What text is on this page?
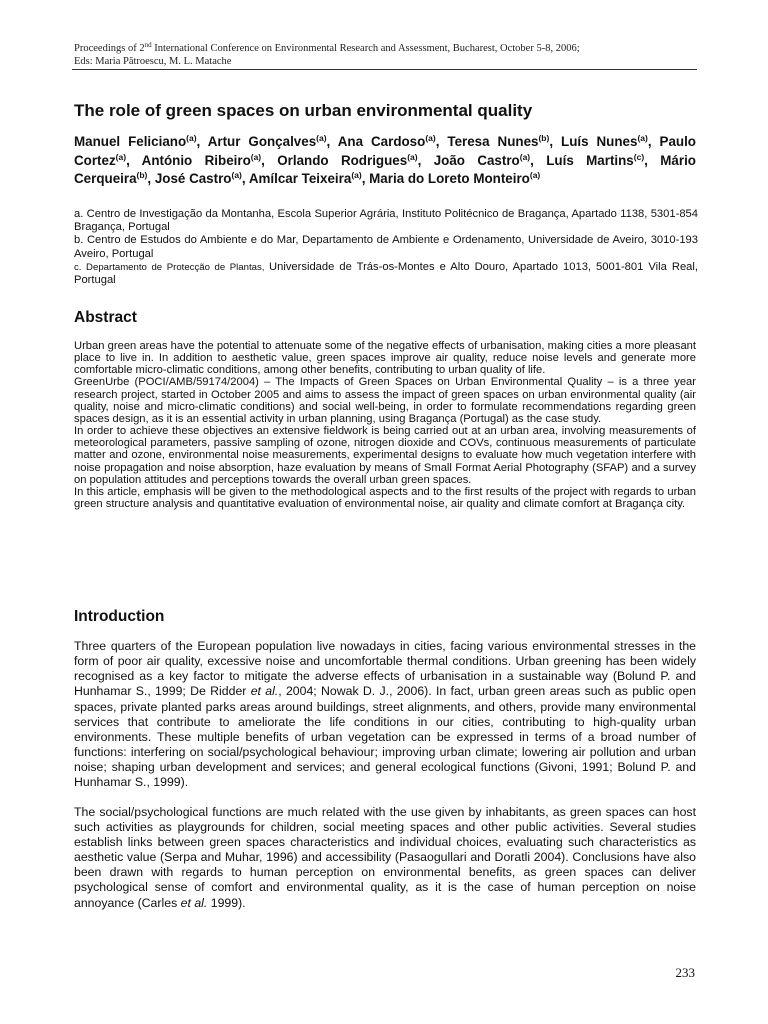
Proceedings of 2nd International Conference on Environmental Research and Assessment, Bucharest, October 5-8, 2006;
Eds: Maria Pătroescu, M. L. Matache
The role of green spaces on urban environmental quality

Manuel Feliciano$^{(a)}$, Artur Gonçalves$^{(a)}$, Ana Cardoso$^{(a)}$, Teresa Nunes$^{(b)}$, Luís Nunes$^{(a)}$, Paulo Cortez$^{(a)}$, António Ribeiro$^{(a)}$, Orlando Rodrigues$^{(a)}$, João Castro$^{(a)}$, Luís Martins$^{(c)}$, Mário Cerqueira$^{(b)}$, José Castro$^{(a)}$, Amílcar Teixeira$^{(a)}$, Maria do Loreto Monteiro$^{(a)}$

a. Centro de Investigação da Montanha, Escola Superior Agrária, Instituto Politécnico de Bragança, Apartado 1138, 5301-854 Bragança, Portugal

b. Centro de Estudos do Ambiente e do Mar, Departamento de Ambiente e Ordenamento, Universidade de Aveiro, 3010-193 Aveiro, Portugal

c. Departamento de Protecção de Plantas, Universidade de Trás-os-Montes e Alto Douro, Apartado 1013, 5001-801 Vila Real, Portugal

Abstract

Urban green areas have the potential to attenuate some of the negative effects of urbanisation, making cities a more pleasant place to live in. In addition to aesthetic value, green spaces improve air quality, reduce noise levels and generate more comfortable micro-climatic conditions, among other benefits, contributing to urban quality of life.

GreenUrbe (POCI/AMB/59174/2004) – The Impacts of Green Spaces on Urban Environmental Quality – is a three year research project, started in October 2005 and aims to assess the impact of green spaces on urban environmental quality (air quality, noise and micro-climatic conditions) and social well-being, in order to formulate recommendations regarding green spaces design, as it is an essential activity in urban planning, using Bragança (Portugal) as the case study.

In order to achieve these objectives an extensive fieldwork is being carried out at an urban area, involving measurements of meteorological parameters, passive sampling of ozone, nitrogen dioxide and COVs, continuous measurements of particulate matter and ozone, environmental noise measurements, experimental designs to evaluate how much vegetation interfere with noise propagation and noise absorption, haze evaluation by means of Small Format Aerial Photography (SFAP) and a survey on population attitudes and perceptions towards the overall urban green spaces.

In this article, emphasis will be given to the methodological aspects and to the first results of the project with regards to urban green structure analysis and quantitative evaluation of environmental noise, air quality and climate comfort at Bragança city.

Introduction

Three quarters of the European population live nowadays in cities, facing various environmental stresses in the form of poor air quality, excessive noise and uncomfortable thermal conditions. Urban greening has been widely recognised as a key factor to mitigate the adverse effects of urbanisation in a sustainable way (Bolund P. and Hunhamar S., 1999; De Ridder et al., 2004; Nowak D. J., 2006). In fact, urban green areas such as public open spaces, private planted parks areas around buildings, street alignments, and others, provide many environmental services that contribute to ameliorate the life conditions in our cities, contributing to high-quality urban environments. These multiple benefits of urban vegetation can be expressed in terms of a broad number of functions: interfering on social/psychological behaviour; improving urban climate; lowering air pollution and urban noise; shaping urban development and services; and general ecological functions (Givoni, 1991; Bolund P. and Hunhamar S., 1999).

The social/psychological functions are much related with the use given by inhabitants, as green spaces can host such activities as playgrounds for children, social meeting spaces and other public activities. Several studies establish links between green spaces characteristics and individual choices, evaluating such characteristics as aesthetic value (Serpa and Muhar, 1996) and accessibility (Pasaogullari and Doratli 2004). Conclusions have also been drawn with regards to human perception on environmental benefits, as green spaces can deliver psychological sense of comfort and environmental quality, as it is the case of human perception on noise annoyance (Carles et al. 1999).

233
